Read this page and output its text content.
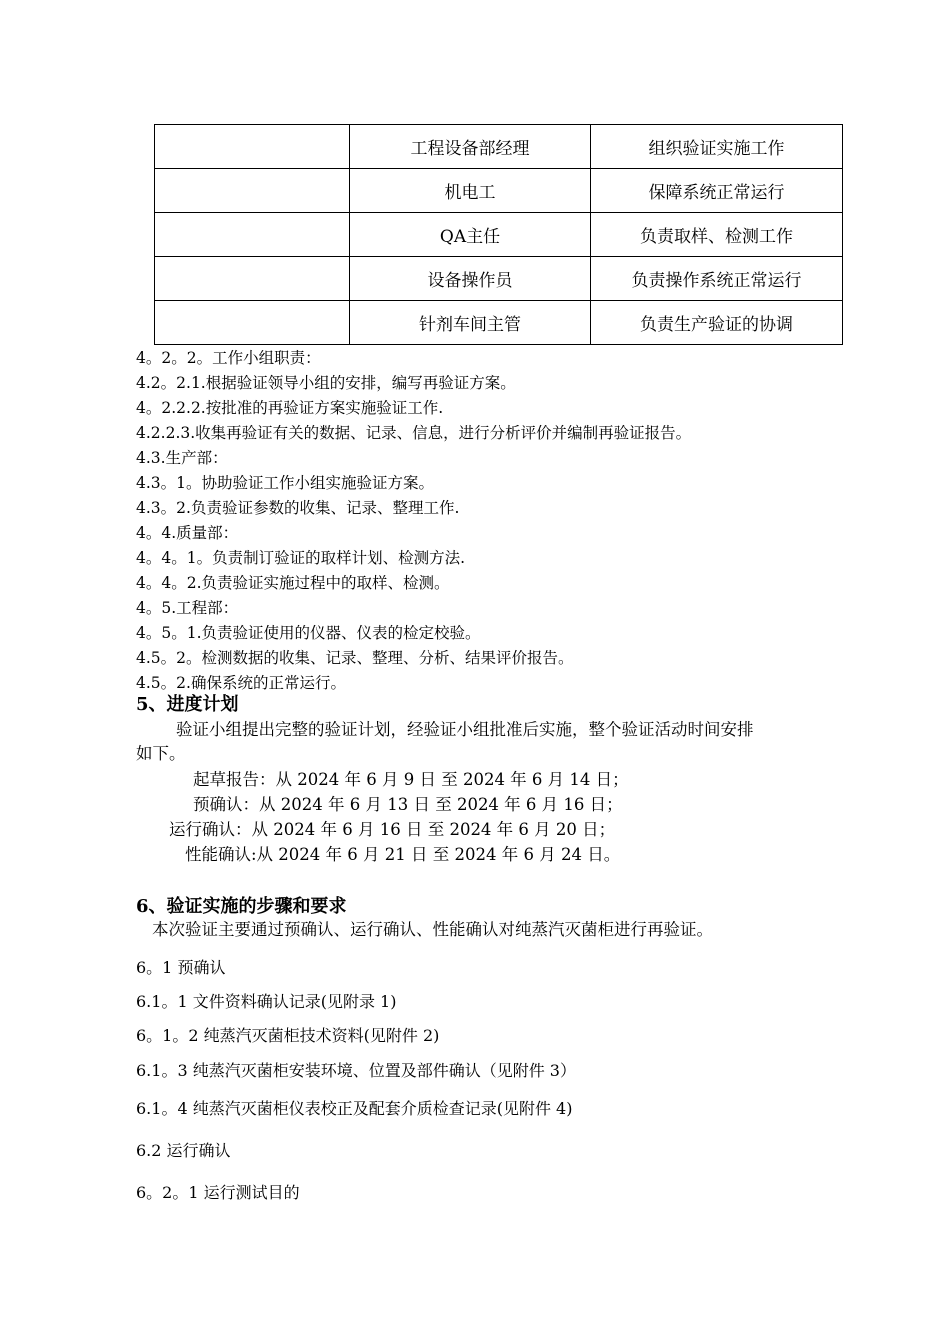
	工程设备部经理	组织验证实施工作
	机电工	保障系统正常运行
	QA主任	负责取样、检测工作
	设备操作员	负责操作系统正常运行
	针剂车间主管	负责生产验证的协调
4。2。2。工作小组职责：
4.2。2.1.根据验证领导小组的安排，编写再验证方案。
4。2.2.2.按批准的再验证方案实施验证工作.
4.2.2.3.收集再验证有关的数据、记录、信息，进行分析评价并编制再验证报告。
4.3.生产部：
4.3。1。协助验证工作小组实施验证方案。
4.3。2.负责验证参数的收集、记录、整理工作.
4。4.质量部：
4。4。1。负责制订验证的取样计划、检测方法.
4。4。2.负责验证实施过程中的取样、检测。
4。5.工程部：
4。5。1.负责验证使用的仪器、仪表的检定校验。
4.5。2。检测数据的收集、记录、整理、分析、结果评价报告。
4.5。2.确保系统的正常运行。
5、进度计划
验证小组提出完整的验证计划，经验证小组批准后实施，整个验证活动时间安排
如下。
起草报告：从 2024 年 6 月 9 日 至 2024 年 6 月 14 日；
预确认：从 2024 年 6 月 13 日 至 2024 年 6 月 16 日；
运行确认：从 2024 年 6 月 16 日 至 2024 年 6 月 20 日；
性能确认:从 2024 年 6 月 21 日 至 2024 年 6 月 24 日。
6、验证实施的步骤和要求
本次验证主要通过预确认、运行确认、性能确认对纯蒸汽灭菌柜进行再验证。
6。1 预确认
6.1。1 文件资料确认记录(见附录 1)
6。1。2 纯蒸汽灭菌柜技术资料(见附件 2)
6.1。3 纯蒸汽灭菌柜安装环境、位置及部件确认（见附件 3）
6.1。4 纯蒸汽灭菌柜仪表校正及配套介质检查记录(见附件 4)
6.2 运行确认
6。2。1 运行测试目的
